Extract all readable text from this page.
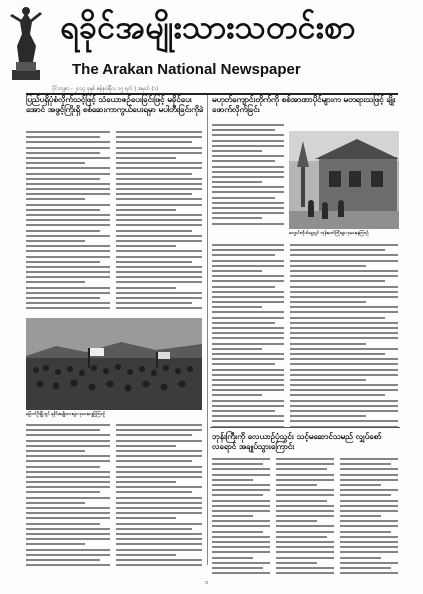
ရခိုင်အမျိုးသားသတင်းစာ
The Arakan National Newspaper
ပိုင်းကျစာ - ၂၀၁၄ ခုနှစ် ဇန်နဝါရီလ ၁၅ ရက် | အမှတ် (၁)
ပြည်ပရှိပုံစံလိုက်သင့်ဖြင့် သံယောဇဉ်ပေးခြင်းဖြင့် မခိုင်ပေးအောင် အဖွင့်ကြိုးရှိ စစ်ဆေးကာကွယ်ပေးရမှာ မပါတီးခြင်းကိုခဲ
မြောက်ဦးမြို့တွင် ရခိုင်အမျိုးသားများ စုဝေးဆန္ဒပြကြစဉ်
မဟုတ်ကျောင်းတိုက်ကို စစ်အာဏာပိုင်များက မတရားသဖြင့် ချိုးဖောက်လိုက်ခြင်း
ကျောင်းတိုက်ရှေ့တွင် ဘုန်းတော်ကြီးများ စုဝေးနေကြစဉ်
ဘုန်းကြီးကို လေယာဉ်ပုံသွင်း သင့်မဆောင်သမည် လျှပ်စော် လရောင် အချုပ်သွားကြောင်း
၁
